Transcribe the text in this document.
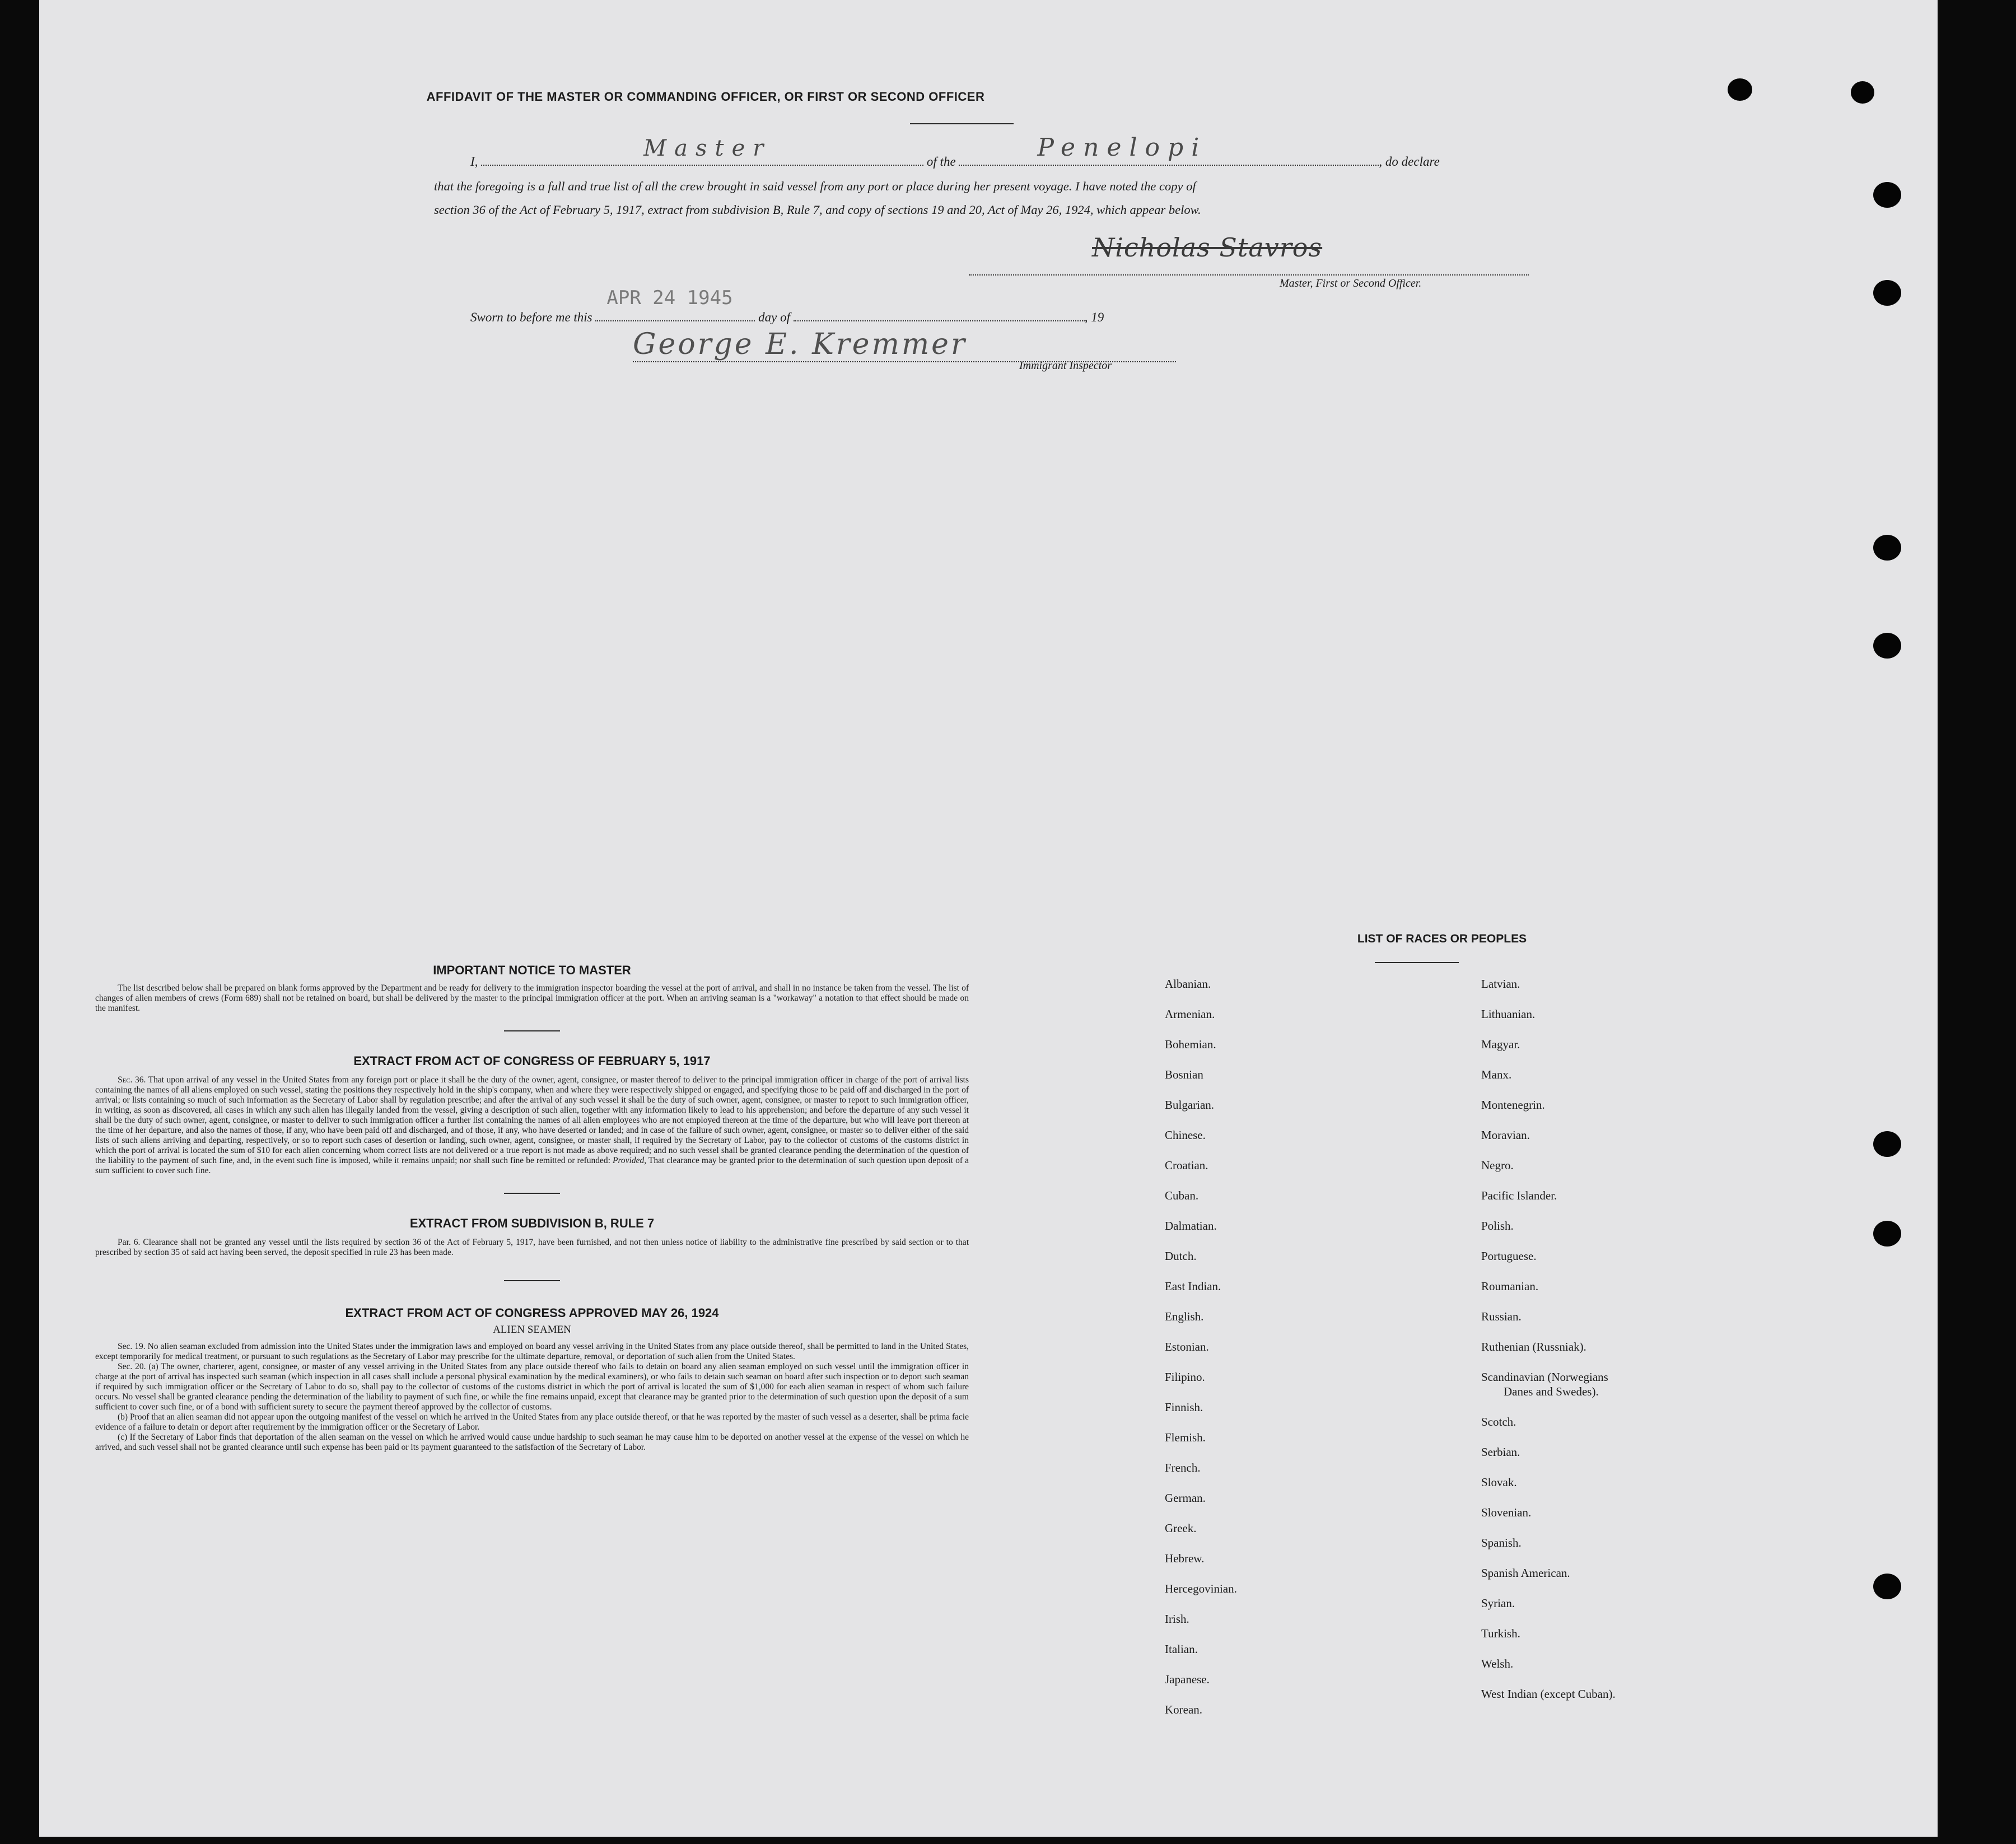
AFFIDAVIT OF THE MASTER OR COMMANDING OFFICER, OR FIRST OR SECOND OFFICER
I,
Master
of the	Penelopi	, do declare
that the foregoing is a full and true list of all the crew brought in said vessel from any port or place during her present voyage. I have noted the copy of
section 36 of the Act of February 5, 1917, extract from subdivision B, Rule 7, and copy of sections 19 and 20, Act of May 26, 1924, which appear below.
Nicholas Stavros
Master, First or Second Officer.
Sworn to before me this
APR 24 1945
day of	, 19
George E. Kremmer
Immigrant Inspector
IMPORTANT NOTICE TO MASTER

The list described below shall be prepared on blank forms approved by the Department and be ready for delivery to the immigration inspector boarding the vessel at the port of arrival, and shall in no instance be taken from the vessel. The list of changes of alien members of crews (Form 689) shall not be retained on board, but shall be delivered by the master to the principal immigration officer at the port. When an arriving seaman is a "workaway" a notation to that effect should be made on the manifest.

EXTRACT FROM ACT OF CONGRESS OF FEBRUARY 5, 1917

Sec. 36. That upon arrival of any vessel in the United States from any foreign port or place it shall be the duty of the owner, agent, consignee, or master thereof to deliver to the principal immigration officer in charge of the port of arrival lists containing the names of all aliens employed on such vessel, stating the positions they respectively hold in the ship's company, when and where they were respectively shipped or engaged, and specifying those to be paid off and discharged in the port of arrival; or lists containing so much of such information as the Secretary of Labor shall by regulation prescribe; and after the arrival of any such vessel it shall be the duty of such owner, agent, consignee, or master to report to such immigration officer, in writing, as soon as discovered, all cases in which any such alien has illegally landed from the vessel, giving a description of such alien, together with any information likely to lead to his apprehension; and before the departure of any such vessel it shall be the duty of such owner, agent, consignee, or master to deliver to such immigration officer a further list containing the names of all alien employees who are not employed thereon at the time of the departure, but who will leave port thereon at the time of her departure, and also the names of those, if any, who have been paid off and discharged, and of those, if any, who have deserted or landed; and in case of the failure of such owner, agent, consignee, or master so to deliver either of the said lists of such aliens arriving and departing, respectively, or so to report such cases of desertion or landing, such owner, agent, consignee, or master shall, if required by the Secretary of Labor, pay to the collector of customs of the customs district in which the port of arrival is located the sum of $10 for each alien concerning whom correct lists are not delivered or a true report is not made as above required; and no such vessel shall be granted clearance pending the determination of the question of the liability to the payment of such fine, and, in the event such fine is imposed, while it remains unpaid; nor shall such fine be remitted or refunded: Provided, That clearance may be granted prior to the determination of such question upon deposit of a sum sufficient to cover such fine.

EXTRACT FROM SUBDIVISION B, RULE 7

Par. 6. Clearance shall not be granted any vessel until the lists required by section 36 of the Act of February 5, 1917, have been furnished, and not then unless notice of liability to the administrative fine prescribed by said section or to that prescribed by section 35 of said act having been served, the deposit specified in rule 23 has been made.

EXTRACT FROM ACT OF CONGRESS APPROVED MAY 26, 1924
ALIEN SEAMEN

Sec. 19. No alien seaman excluded from admission into the United States under the immigration laws and employed on board any vessel arriving in the United States from any place outside thereof, shall be permitted to land in the United States, except temporarily for medical treatment, or pursuant to such regulations as the Secretary of Labor may prescribe for the ultimate departure, removal, or deportation of such alien from the United States.

Sec. 20. (a) The owner, charterer, agent, consignee, or master of any vessel arriving in the United States from any place outside thereof who fails to detain on board any alien seaman employed on such vessel until the immigration officer in charge at the port of arrival has inspected such seaman (which inspection in all cases shall include a personal physical examination by the medical examiners), or who fails to detain such seaman on board after such inspection or to deport such seaman if required by such immigration officer or the Secretary of Labor to do so, shall pay to the collector of customs of the customs district in which the port of arrival is located the sum of $1,000 for each alien seaman in respect of whom such failure occurs. No vessel shall be granted clearance pending the determination of the liability to payment of such fine, or while the fine remains unpaid, except that clearance may be granted prior to the determination of such question upon the deposit of a sum sufficient to cover such fine, or of a bond with sufficient surety to secure the payment thereof approved by the collector of customs.

(b) Proof that an alien seaman did not appear upon the outgoing manifest of the vessel on which he arrived in the United States from any place outside thereof, or that he was reported by the master of such vessel as a deserter, shall be prima facie evidence of a failure to detain or deport after requirement by the immigration officer or the Secretary of Labor.

(c) If the Secretary of Labor finds that deportation of the alien seaman on the vessel on which he arrived would cause undue hardship to such seaman he may cause him to be deported on another vessel at the expense of the vessel on which he arrived, and such vessel shall not be granted clearance until such expense has been paid or its payment guaranteed to the satisfaction of the Secretary of Labor.

LIST OF RACES OR PEOPLES
Albanian.
Armenian.
Bohemian.
Bosnian
Bulgarian.
Chinese.
Croatian.
Cuban.
Dalmatian.
Dutch.
East Indian.
English.
Estonian.
Filipino.
Finnish.
Flemish.
French.
German.
Greek.
Hebrew.
Hercegovinian.
Irish.
Italian.
Japanese.
Korean.
Latvian.
Lithuanian.
Magyar.
Manx.
Montenegrin.
Moravian.
Negro.
Pacific Islander.
Polish.
Portuguese.
Roumanian.
Russian.
Ruthenian (Russniak).
Scandinavian (Norwegians
Danes and Swedes).
Scotch.
Serbian.
Slovak.
Slovenian.
Spanish.
Spanish American.
Syrian.
Turkish.
Welsh.
West Indian (except Cuban).
